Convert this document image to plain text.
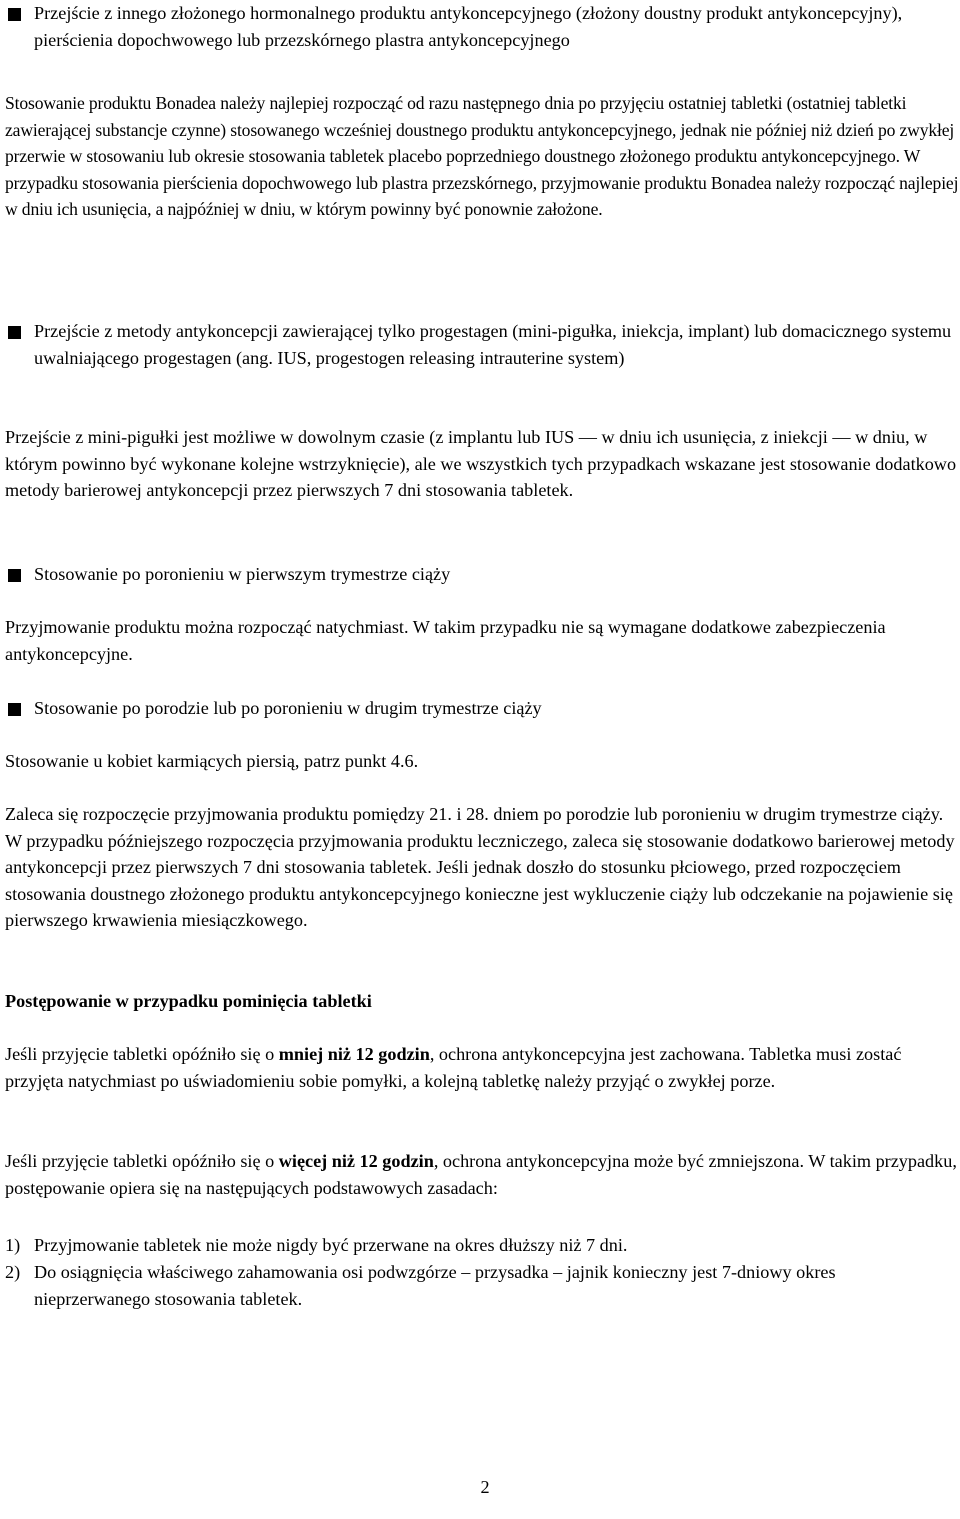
Przejście z innego złożonego hormonalnego produktu antykoncepcyjnego (złożony doustny produkt antykoncepcyjny), pierścienia dopochwowego lub przezskórnego plastra antykoncepcyjnego

Stosowanie produktu Bonadea należy najlepiej rozpocząć od razu następnego dnia po przyjęciu ostatniej tabletki (ostatniej tabletki zawierającej substancje czynne) stosowanego wcześniej doustnego produktu antykoncepcyjnego, jednak nie później niż dzień po zwykłej przerwie w stosowaniu lub okresie stosowania tabletek placebo poprzedniego doustnego złożonego produktu antykoncepcyjnego. W przypadku stosowania pierścienia dopochwowego lub plastra przezskórnego, przyjmowanie produktu Bonadea należy rozpocząć najlepiej w dniu ich usunięcia, a najpóźniej w dniu, w którym powinny być ponownie założone.

Przejście z metody antykoncepcji zawierającej tylko progestagen (mini-pigułka, iniekcja, implant) lub domacicznego systemu uwalniającego progestagen (ang. IUS, progestogen releasing intrauterine system)

Przejście z mini-pigułki jest możliwe w dowolnym czasie (z implantu lub IUS — w dniu ich usunięcia, z iniekcji — w dniu, w którym powinno być wykonane kolejne wstrzyknięcie), ale we wszystkich tych przypadkach wskazane jest stosowanie dodatkowo metody barierowej antykoncepcji przez pierwszych 7 dni stosowania tabletek.

Stosowanie po poronieniu w pierwszym trymestrze ciąży

Przyjmowanie produktu można rozpocząć natychmiast. W takim przypadku nie są wymagane dodatkowe zabezpieczenia antykoncepcyjne.

Stosowanie po porodzie lub po poronieniu w drugim trymestrze ciąży

Stosowanie u kobiet karmiących piersią, patrz punkt 4.6.

Zaleca się rozpoczęcie przyjmowania produktu pomiędzy 21. i 28. dniem po porodzie lub poronieniu w drugim trymestrze ciąży. W przypadku późniejszego rozpoczęcia przyjmowania produktu leczniczego, zaleca się stosowanie dodatkowo barierowej metody antykoncepcji przez pierwszych 7 dni stosowania tabletek. Jeśli jednak doszło do stosunku płciowego, przed rozpoczęciem stosowania doustnego złożonego produktu antykoncepcyjnego konieczne jest wykluczenie ciąży lub odczekanie na pojawienie się pierwszego krwawienia miesiączkowego.

Postępowanie w przypadku pominięcia tabletki

Jeśli przyjęcie tabletki opóźniło się o mniej niż 12 godzin, ochrona antykoncepcyjna jest zachowana. Tabletka musi zostać przyjęta natychmiast po uświadomieniu sobie pomyłki, a kolejną tabletkę należy przyjąć o zwykłej porze.

Jeśli przyjęcie tabletki opóźniło się o więcej niż 12 godzin, ochrona antykoncepcyjna może być zmniejszona. W takim przypadku, postępowanie opiera się na następujących podstawowych zasadach:

1) Przyjmowanie tabletek nie może nigdy być przerwane na okres dłuższy niż 7 dni.

2) Do osiągnięcia właściwego zahamowania osi podwzgórze – przysadka – jajnik konieczny jest 7-dniowy okres nieprzerwanego stosowania tabletek.

2
